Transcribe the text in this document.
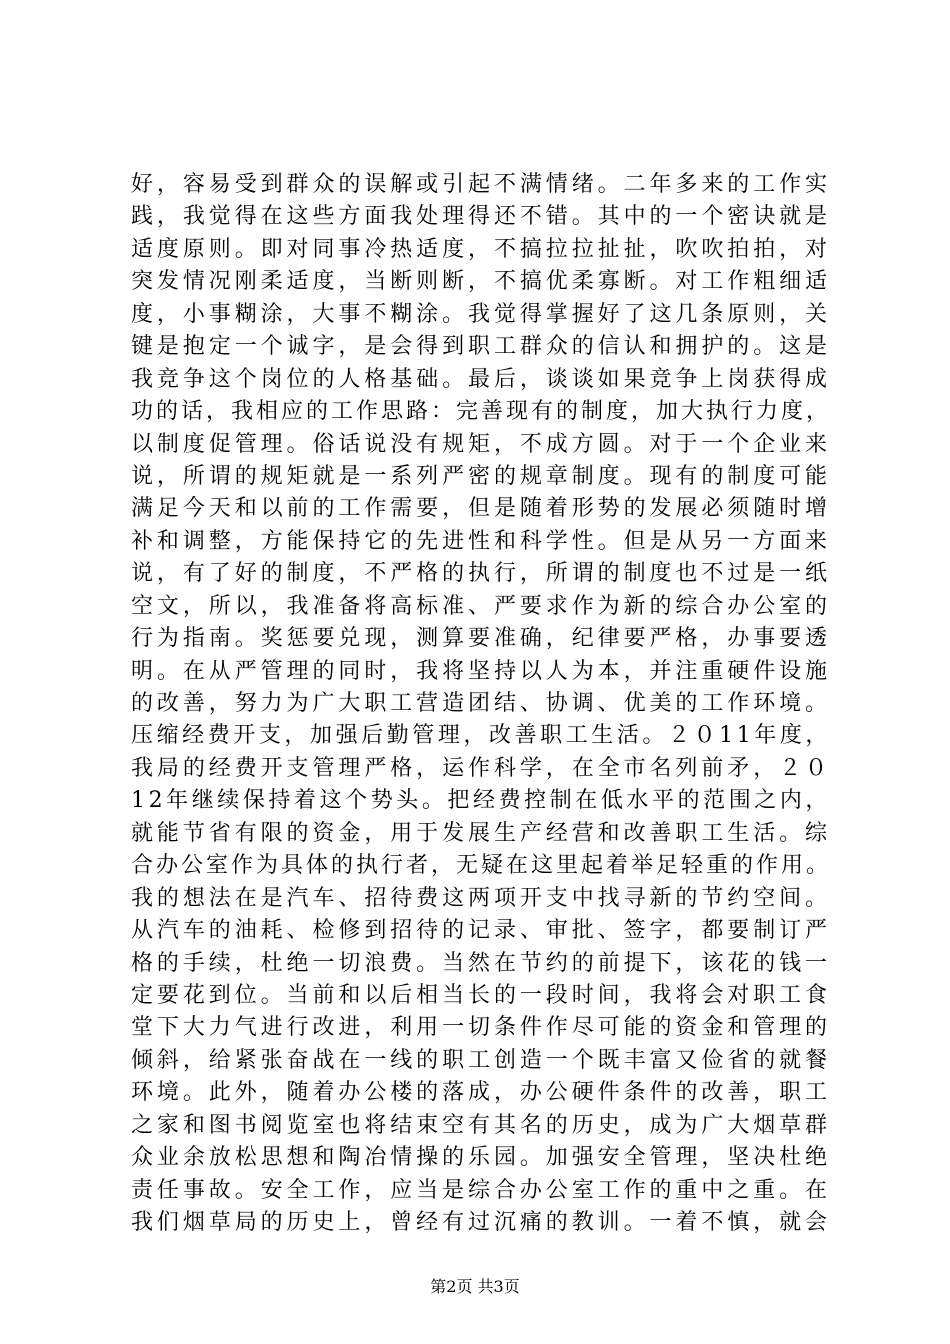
好，容易受到群众的误解或引起不满情绪。二年多来的工作实
践，我觉得在这些方面我处理得还不错。其中的一个密诀就是
适度原则。即对同事冷热适度，不搞拉拉扯扯，吹吹拍拍，对
突发情况刚柔适度，当断则断，不搞优柔寡断。对工作粗细适
度，小事糊涂，大事不糊涂。我觉得掌握好了这几条原则，关
键是抱定一个诚字，是会得到职工群众的信认和拥护的。这是
我竞争这个岗位的人格基础。最后，谈谈如果竞争上岗获得成
功的话，我相应的工作思路：完善现有的制度，加大执行力度，
以制度促管理。俗话说没有规矩，不成方圆。对于一个企业来
说，所谓的规矩就是一系列严密的规章制度。现有的制度可能
满足今天和以前的工作需要，但是随着形势的发展必须随时增
补和调整，方能保持它的先进性和科学性。但是从另一方面来
说，有了好的制度，不严格的执行，所谓的制度也不过是一纸
空文，所以，我准备将高标准、严要求作为新的综合办公室的
行为指南。奖惩要兑现，测算要准确，纪律要严格，办事要透
明。在从严管理的同时，我将坚持以人为本，并注重硬件设施
的改善，努力为广大职工营造团结、协调、优美的工作环境。
压缩经费开支，加强后勤管理，改善职工生活。２０11年度，
我局的经费开支管理严格，运作科学，在全市名列前矛，２０
12年继续保持着这个势头。把经费控制在低水平的范围之内，
就能节省有限的资金，用于发展生产经营和改善职工生活。综
合办公室作为具体的执行者，无疑在这里起着举足轻重的作用。
我的想法在是汽车、招待费这两项开支中找寻新的节约空间。
从汽车的油耗、检修到招待的记录、审批、签字，都要制订严
格的手续，杜绝一切浪费。当然在节约的前提下，该花的钱一
定要花到位。当前和以后相当长的一段时间，我将会对职工食
堂下大力气进行改进，利用一切条件作尽可能的资金和管理的
倾斜，给紧张奋战在一线的职工创造一个既丰富又俭省的就餐
环境。此外，随着办公楼的落成，办公硬件条件的改善，职工
之家和图书阅览室也将结束空有其名的历史，成为广大烟草群
众业余放松思想和陶冶情操的乐园。加强安全管理，坚决杜绝
责任事故。安全工作，应当是综合办公室工作的重中之重。在
我们烟草局的历史上，曾经有过沉痛的教训。一着不慎，就会
第2页 共3页
